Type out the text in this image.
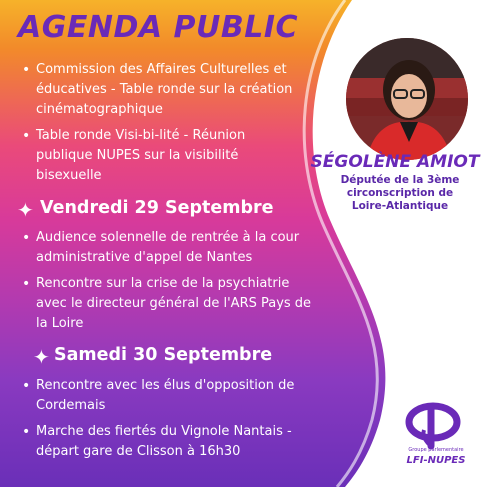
AGENDA PUBLIC
• Commission des Affaires Culturelles et éducatives - Table ronde sur la création cinématographique
• Table ronde Visi-bi-lité - Réunion publique NUPES sur la visibilité bisexuelle
✦ Vendredi 29 Septembre
• Audience solennelle de rentrée à la cour administrative d'appel de Nantes
• Rencontre sur la crise de la psychiatrie avec le directeur général de l'ARS Pays de la Loire
✦ Samedi 30 Septembre
• Rencontre avec les élus d'opposition de Cordemais
• Marche des fiertés du Vignole Nantais - départ gare de Clisson à 16h30
SÉGOLÈNE AMIOT
Députée de la 3ème
circonscription de
Loire-Atlantique
Groupe parlementaire
LFI-NUPES
